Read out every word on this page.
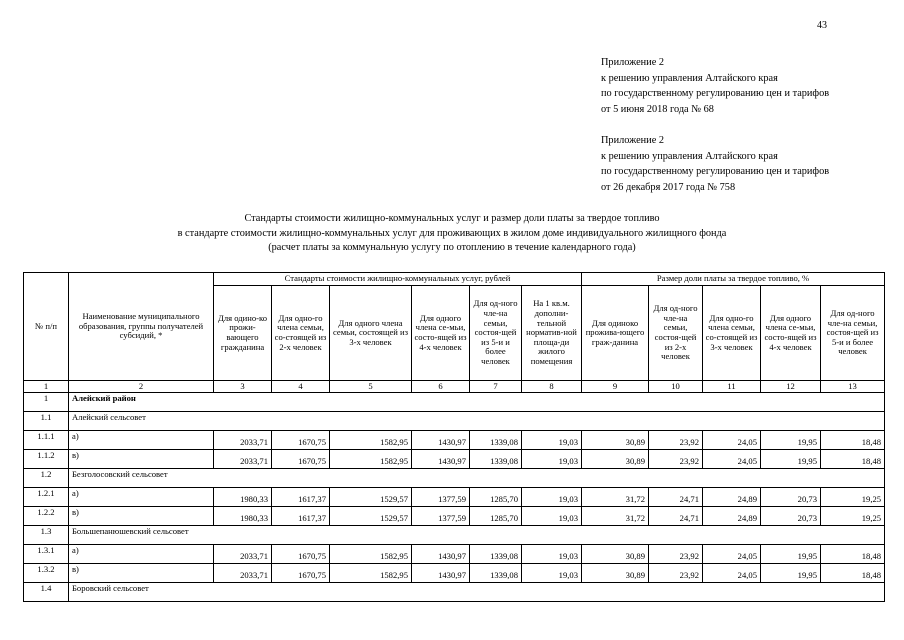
43
Приложение 2
к решению управления Алтайского края
по государственному регулированию цен и тарифов
от 5 июня 2018 года № 68
Приложение 2
к решению управления Алтайского края
по государственному регулированию цен и тарифов
от 26 декабря 2017 года № 758
Стандарты стоимости жилищно-коммунальных услуг и размер доли платы за твердое топливо
в стандарте стоимости жилищно-коммунальных услуг для проживающих в жилом доме индивидуального жилищного фонда
(расчет платы за коммунальную услугу по отоплению в течение календарного года)
№ п/п	Наименование муниципального образования, группы получателей субсидий, *	Стандарты стоимости жилищно-коммунальных услуг, рублей						Размер доли платы за твердое топливо, %				
		Для одино-ко прожи-вающего гражданина	Для одно-го члена семьи, со-стоящей из 2-х человек	Для одного члена семьи, состоящей из 3-х человек	Для одного члена се-мьи, состо-ящей из 4-х человек	Для од-ного чле-на семьи, состоя-щей из 5-и и более человек	На 1 кв.м. дополни-тельной норматив-ной площа-ди жилого помещения	Для одиноко прожива-ющего граж-данина	Для од-ного чле-на семьи, состоя-щей из 2-х человек	Для одно-го члена семьи, со-стоящей из 3-х человек	Для одного члена се-мьи, состо-ящей из 4-х человек	Для од-ного чле-на семьи, состоя-щей из 5-и и более человек
1	2	3	4	5	6	7	8	9	10	11	12	13
1	Алейский район											
1.1	Алейский сельсовет											
1.1.1	а)	2033,71	1670,75	1582,95	1430,97	1339,08	19,03	30,89	23,92	24,05	19,95	18,48
1.1.2	в)	2033,71	1670,75	1582,95	1430,97	1339,08	19,03	30,89	23,92	24,05	19,95	18,48
1.2	Безголосовский сельсовет											
1.2.1	а)	1980,33	1617,37	1529,57	1377,59	1285,70	19,03	31,72	24,71	24,89	20,73	19,25
1.2.2	в)	1980,33	1617,37	1529,57	1377,59	1285,70	19,03	31,72	24,71	24,89	20,73	19,25
1.3	Большепанюшевский сельсовет											
1.3.1	а)	2033,71	1670,75	1582,95	1430,97	1339,08	19,03	30,89	23,92	24,05	19,95	18,48
1.3.2	в)	2033,71	1670,75	1582,95	1430,97	1339,08	19,03	30,89	23,92	24,05	19,95	18,48
1.4	Боровский сельсовет											
